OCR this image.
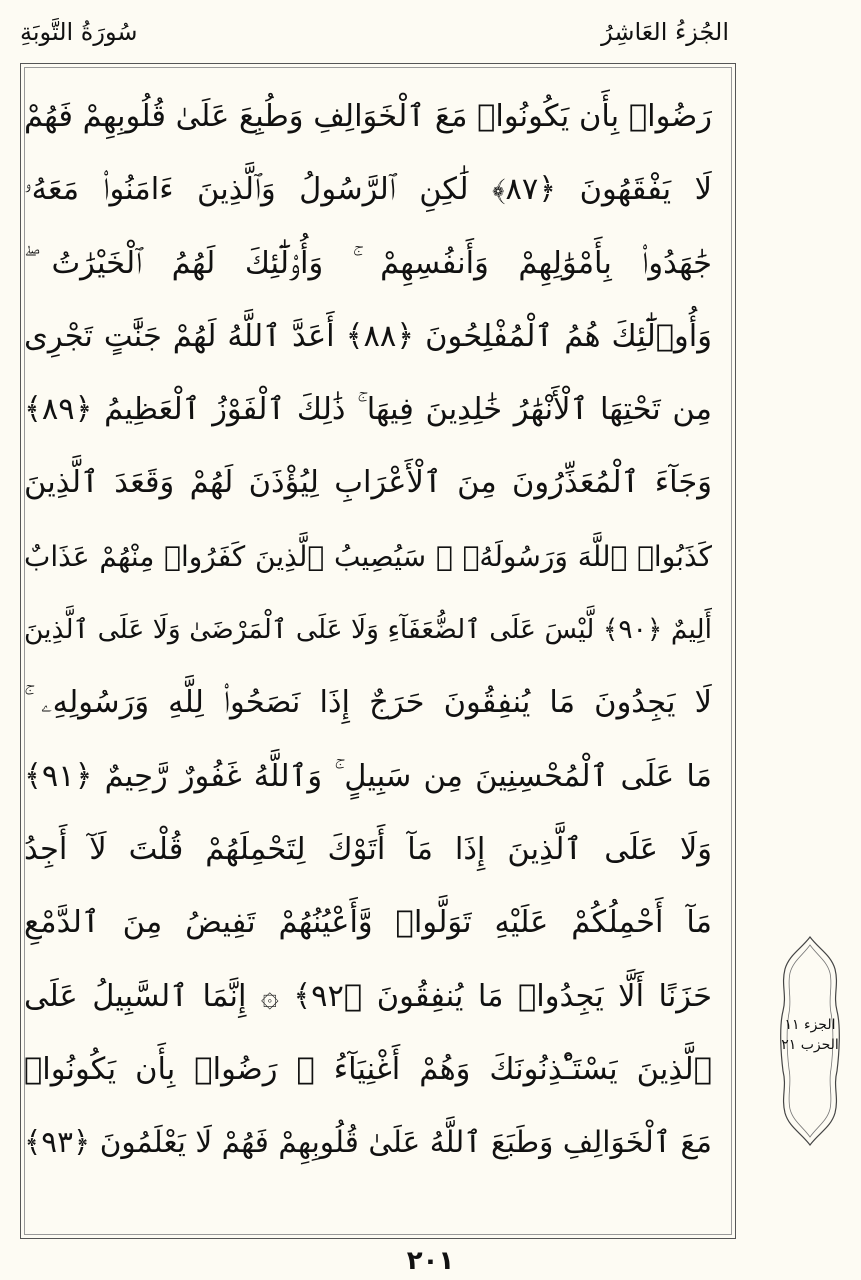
الجُزءُ العَاشِرُ
سُورَةُ التَّوبَةِ
رَضُوا۟ بِأَن يَكُونُوا۟ مَعَ ٱلْخَوَالِفِ وَطُبِعَ عَلَىٰ قُلُوبِهِمْ فَهُمْ
لَا يَفْقَهُونَ ﴿٨٧﴾ لَٰكِنِ ٱلرَّسُولُ وَٱلَّذِينَ ءَامَنُوا۟ مَعَهُۥ
جَٰهَدُوا۟ بِأَمْوَٰلِهِمْ وَأَنفُسِهِمْ ۚ وَأُو۟لَٰٓئِكَ لَهُمُ ٱلْخَيْرَٰتُ ۖ
وَأُو۟لَٰٓئِكَ هُمُ ٱلْمُفْلِحُونَ ﴿٨٨﴾ أَعَدَّ ٱللَّهُ لَهُمْ جَنَّٰتٍ تَجْرِى
مِن تَحْتِهَا ٱلْأَنْهَٰرُ خَٰلِدِينَ فِيهَا ۚ ذَٰلِكَ ٱلْفَوْزُ ٱلْعَظِيمُ ﴿٨٩﴾
وَجَآءَ ٱلْمُعَذِّرُونَ مِنَ ٱلْأَعْرَابِ لِيُؤْذَنَ لَهُمْ وَقَعَدَ ٱلَّذِينَ
كَذَبُوا۟ ٱللَّهَ وَرَسُولَهُۥ ۚ سَيُصِيبُ ٱلَّذِينَ كَفَرُوا۟ مِنْهُمْ عَذَابٌ
أَلِيمٌ ﴿٩٠﴾ لَّيْسَ عَلَى ٱلضُّعَفَآءِ وَلَا عَلَى ٱلْمَرْضَىٰ وَلَا عَلَى ٱلَّذِينَ
لَا يَجِدُونَ مَا يُنفِقُونَ حَرَجٌ إِذَا نَصَحُوا۟ لِلَّهِ وَرَسُولِهِۦ ۚ
مَا عَلَى ٱلْمُحْسِنِينَ مِن سَبِيلٍ ۚ وَٱللَّهُ غَفُورٌ رَّحِيمٌ ﴿٩١﴾
وَلَا عَلَى ٱلَّذِينَ إِذَا مَآ أَتَوْكَ لِتَحْمِلَهُمْ قُلْتَ لَآ أَجِدُ
مَآ أَحْمِلُكُمْ عَلَيْهِ تَوَلَّوا۟ وَّأَعْيُنُهُمْ تَفِيضُ مِنَ ٱلدَّمْعِ
حَزَنًا أَلَّا يَجِدُوا۟ مَا يُنفِقُونَ ﴿٩٢﴾ ۞ إِنَّمَا ٱلسَّبِيلُ عَلَى
ٱلَّذِينَ يَسْتَـْٔذِنُونَكَ وَهُمْ أَغْنِيَآءُ ۚ رَضُوا۟ بِأَن يَكُونُوا۟
مَعَ ٱلْخَوَالِفِ وَطَبَعَ ٱللَّهُ عَلَىٰ قُلُوبِهِمْ فَهُمْ لَا يَعْلَمُونَ ﴿٩٣﴾
الجزء ١١
الحزب ٢١
٢٠١
